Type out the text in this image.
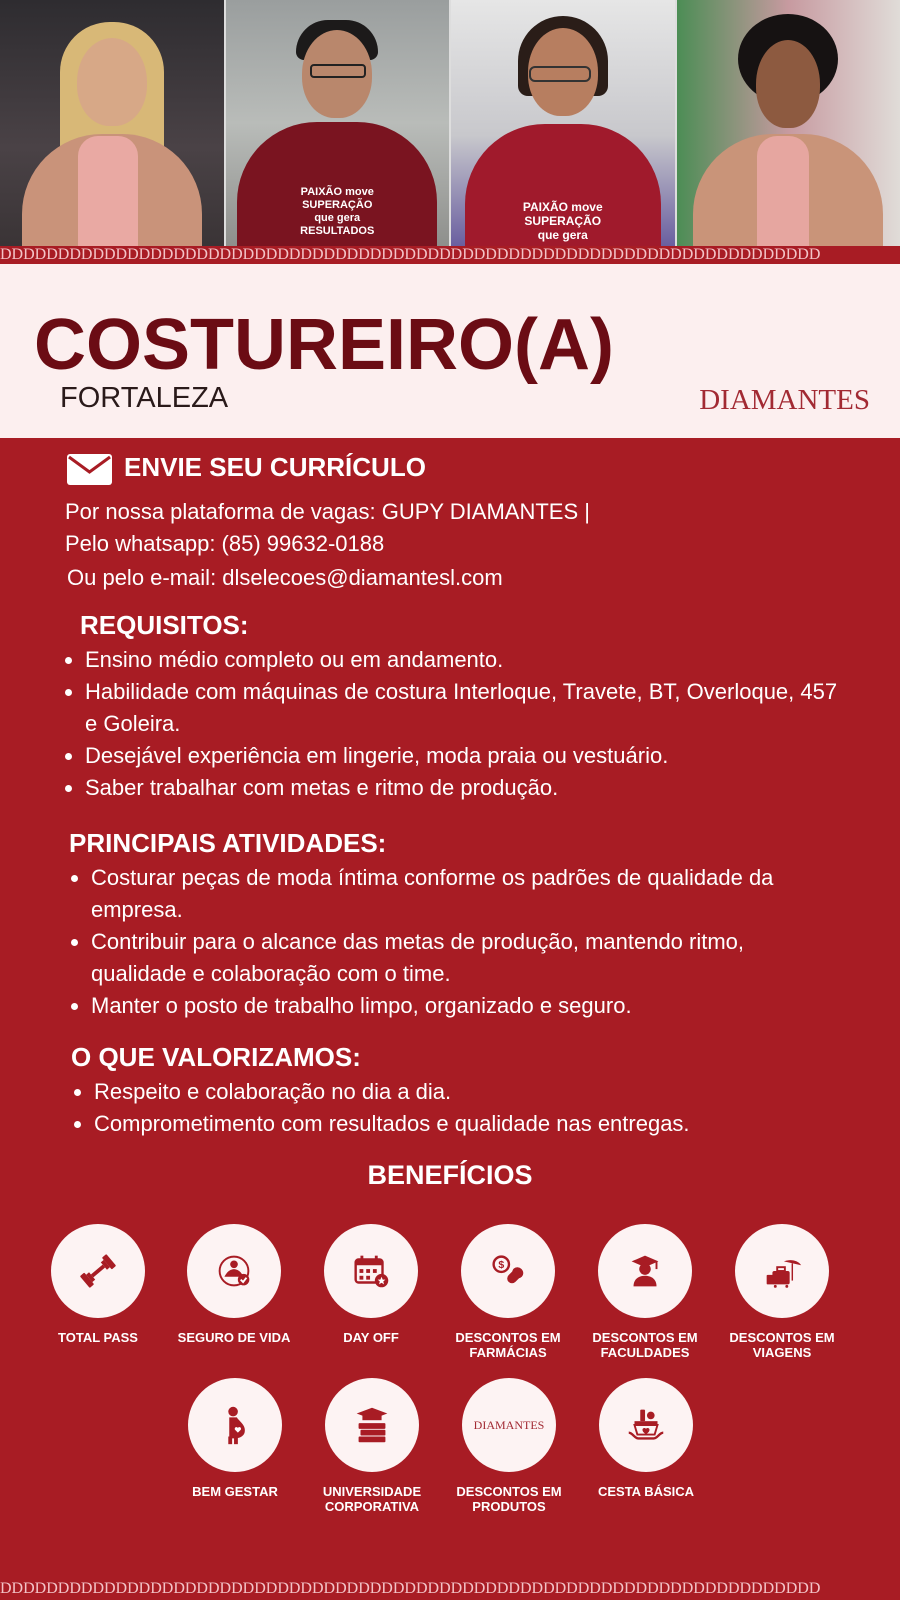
PAIXÃO move SUPERAÇÃO que gera RESULTADOS
PAIXÃO move SUPERAÇÃO que gera
DDDDDDDDDDDDDDDDDDDDDDDDDDDDDDDDDDDDDDDDDDDDDDDDDDDDDDDDDDDDDDDDDDDDDDD
COSTUREIRO(A)
FORTALEZA	DIAMANTES
ENVIE SEU CURRÍCULO
Por nossa plataforma de vagas: GUPY DIAMANTES |
Pelo whatsapp: (85) 99632-0188
Ou pelo e-mail: dlselecoes@diamantesl.com
REQUISITOS:
Ensino médio completo ou em andamento.
Habilidade com máquinas de costura Interloque, Travete, BT, Overloque, 457 e Goleira.
Desejável experiência em lingerie, moda praia ou vestuário.
Saber trabalhar com metas e ritmo de produção.
PRINCIPAIS ATIVIDADES:
Costurar peças de moda íntima conforme os padrões de qualidade da empresa.
Contribuir para o alcance das metas de produção, mantendo ritmo, qualidade e colaboração com o time.
Manter o posto de trabalho limpo, organizado e seguro.
O QUE VALORIZAMOS:
Respeito e colaboração no dia a dia.
Comprometimento com resultados e qualidade nas entregas.
BENEFÍCIOS
TOTAL PASS	SEGURO DE VIDA	DAY OFF
$
DESCONTOS EM FARMÁCIAS
DESCONTOS EM FACULDADES
DESCONTOS EM VIAGENS
BEM GESTAR	UNIVERSIDADE CORPORATIVA
DIAMANTES
DESCONTOS EM PRODUTOS
CESTA BÁSICA
DDDDDDDDDDDDDDDDDDDDDDDDDDDDDDDDDDDDDDDDDDDDDDDDDDDDDDDDDDDDDDDDDDDDDDD
